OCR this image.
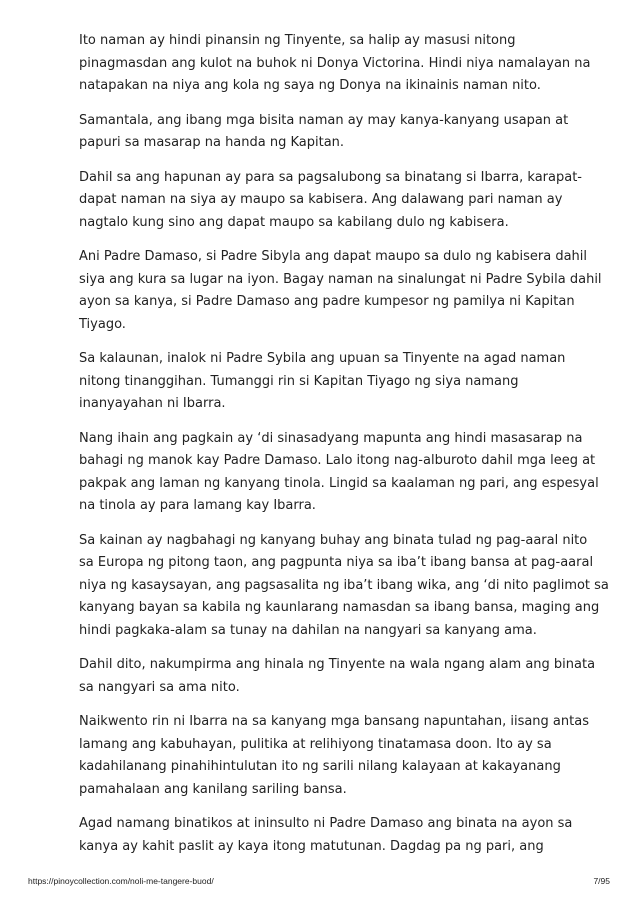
Ito naman ay hindi pinansin ng Tinyente, sa halip ay masusi nitong
pinagmasdan ang kulot na buhok ni Donya Victorina. Hindi niya namalayan na
natapakan na niya ang kola ng saya ng Donya na ikinainis naman nito.
Samantala, ang ibang mga bisita naman ay may kanya-kanyang usapan at
papuri sa masarap na handa ng Kapitan.
Dahil sa ang hapunan ay para sa pagsalubong sa binatang si Ibarra, karapat-
dapat naman na siya ay maupo sa kabisera. Ang dalawang pari naman ay
nagtalo kung sino ang dapat maupo sa kabilang dulo ng kabisera.
Ani Padre Damaso, si Padre Sibyla ang dapat maupo sa dulo ng kabisera dahil
siya ang kura sa lugar na iyon. Bagay naman na sinalungat ni Padre Sybila dahil
ayon sa kanya, si Padre Damaso ang padre kumpesor ng pamilya ni Kapitan
Tiyago.
Sa kalaunan, inalok ni Padre Sybila ang upuan sa Tinyente na agad naman
nitong tinanggihan. Tumanggi rin si Kapitan Tiyago ng siya namang
inanyayahan ni Ibarra.
Nang ihain ang pagkain ay ‘di sinasadyang mapunta ang hindi masasarap na
bahagi ng manok kay Padre Damaso. Lalo itong nag-alburoto dahil mga leeg at
pakpak ang laman ng kanyang tinola. Lingid sa kaalaman ng pari, ang espesyal
na tinola ay para lamang kay Ibarra.
Sa kainan ay nagbahagi ng kanyang buhay ang binata tulad ng pag-aaral nito
sa Europa ng pitong taon, ang pagpunta niya sa iba’t ibang bansa at pag-aaral
niya ng kasaysayan, ang pagsasalita ng iba’t ibang wika, ang ‘di nito paglimot sa
kanyang bayan sa kabila ng kaunlarang namasdan sa ibang bansa, maging ang
hindi pagkaka-alam sa tunay na dahilan na nangyari sa kanyang ama.
Dahil dito, nakumpirma ang hinala ng Tinyente na wala ngang alam ang binata
sa nangyari sa ama nito.
Naikwento rin ni Ibarra na sa kanyang mga bansang napuntahan, iisang antas
lamang ang kabuhayan, pulitika at relihiyong tinatamasa doon. Ito ay sa
kadahilanang pinahihintulutan ito ng sarili nilang kalayaan at kakayanang
pamahalaan ang kanilang sariling bansa.
Agad namang binatikos at ininsulto ni Padre Damaso ang binata na ayon sa
kanya ay kahit paslit ay kaya itong matutunan. Dagdag pa ng pari, ang
https://pinoycollection.com/noli-me-tangere-buod/	7/95
